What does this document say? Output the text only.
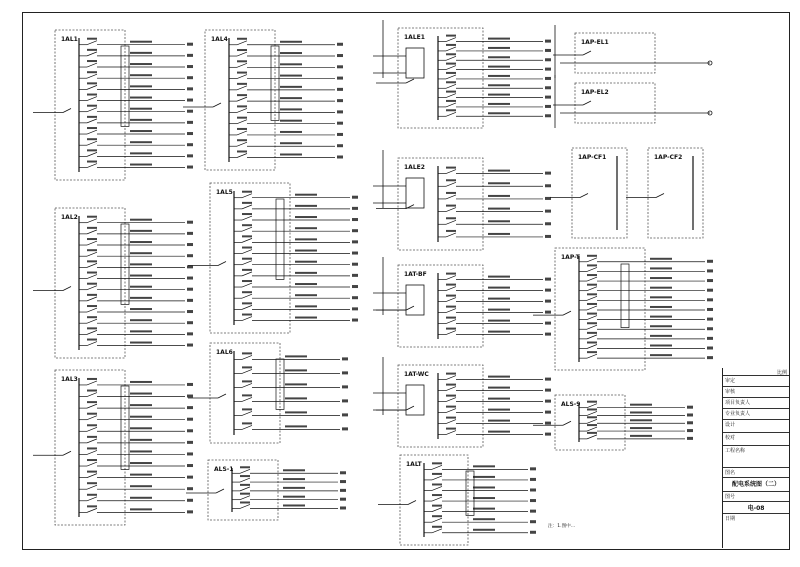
1AL1	1AL4	1ALE1
1AP-EL1
1AP-EL2
1AL2
1AL5
1ALE2
1AP-CF1	1AP-CF2
1AL3
1AL6
1AT-BF
1AP-T
1AT-WC
ALS-9
ALS-1
1ALT
注：1.图中...
比例
审定
审核
项目负责人
专业负责人
设计
校对
工程名称
图名
配电系统图（二）
图号
电-08
日期
